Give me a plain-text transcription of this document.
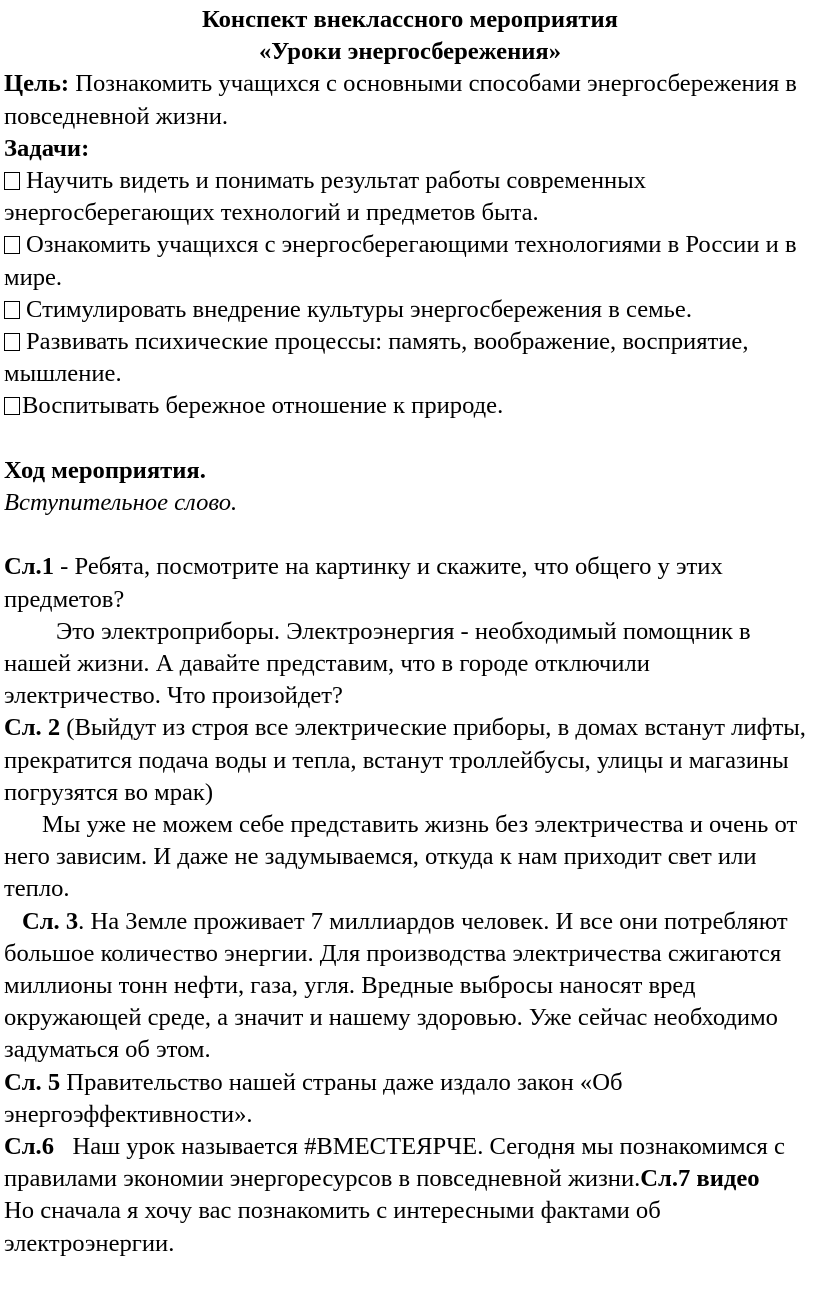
Конспект внеклассного мероприятия

«Уроки энергосбережения»

Цель: Познакомить учащихся с основными способами энергосбережения в повседневной жизни.

Задачи:

Научить видеть и понимать результат работы современных энергосберегающих технологий и предметов быта.

Ознакомить учащихся с энергосберегающими технологиями в России и в мире.

Стимулировать внедрение культуры энергосбережения в семье.

Развивать психические процессы: память, воображение, восприятие, мышление.

Воспитывать бережное отношение к природе.

Ход мероприятия.

Вступительное слово.

Сл.1 - Ребята, посмотрите на картинку и скажите, что общего у этих предметов?

Это электроприборы. Электроэнергия - необходимый помощник в нашей жизни. А давайте представим, что в городе отключили электричество. Что произойдет?

Сл. 2 (Выйдут из строя все электрические приборы, в домах встанут лифты, прекратится подача воды и тепла, встанут троллейбусы, улицы и магазины погрузятся во мрак)

Мы уже не можем себе представить жизнь без электричества и очень от него зависим. И даже не задумываемся, откуда к нам приходит свет или тепло.

Сл. 3. На Земле проживает 7 миллиардов человек. И все они потребляют большое количество энергии. Для производства электричества сжигаются миллионы тонн нефти, газа, угля. Вредные выбросы наносят вред окружающей среде, а значит и нашему здоровью. Уже сейчас необходимо задуматься об этом.

Сл. 5 Правительство нашей страны даже издало закон «Об энергоэффективности».

Сл.6   Наш урок называется #ВМЕСТЕЯРЧЕ. Сегодня мы познакомимся с правилами экономии энергоресурсов в повседневной жизни.Сл.7 видео

Но сначала я хочу вас познакомить с интересными фактами об электроэнергии.
